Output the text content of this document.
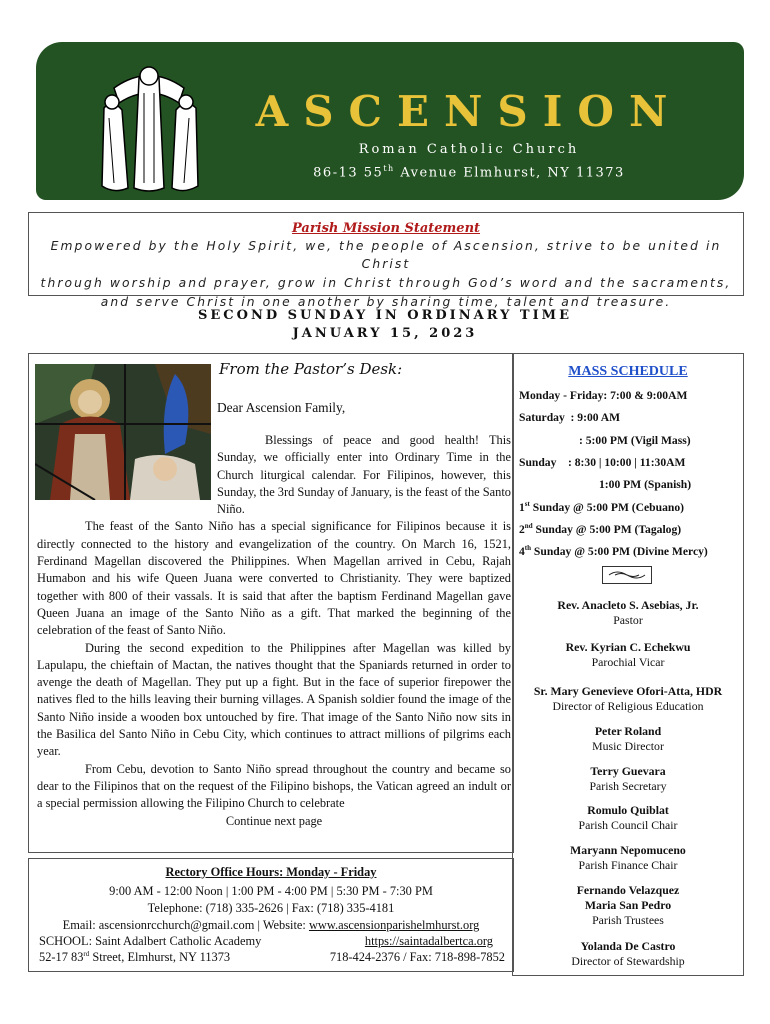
ASCENSION
Roman Catholic Church
86-13 55th Avenue Elmhurst, NY 11373
Parish Mission Statement
Empowered by the Holy Spirit, we, the people of Ascension, strive to be united in Christ
through worship and prayer, grow in Christ through God’s word and the sacraments,
and serve Christ in one another by sharing time, talent and treasure.
SECOND SUNDAY IN ORDINARY TIME
JANUARY 15, 2023
From the Pastor’s Desk:
Dear Ascension Family,

Blessings of peace and good health! This Sunday, we officially enter into Ordinary Time in the Church liturgical calendar. For Filipinos, however, this Sunday, the 3rd Sunday of January, is the feast of the Santo Niño.

The feast of the Santo Niño has a special significance for Filipinos because it is directly connected to the history and evangelization of the country. On March 16, 1521, Ferdinand Magellan discovered the Philippines. When Magellan arrived in Cebu, Rajah Humabon and his wife Queen Juana were converted to Christianity. They were baptized together with 800 of their vassals. It is said that after the baptism Ferdinand Magellan gave Queen Juana an image of the Santo Niño as a gift. That marked the beginning of the celebration of the feast of Santo Niño.

During the second expedition to the Philippines after Magellan was killed by Lapulapu, the chieftain of Mactan, the natives thought that the Spaniards returned in order to avenge the death of Magellan. They put up a fight. But in the face of superior firepower the natives fled to the hills leaving their burning villages. A Spanish soldier found the image of the Santo Niño inside a wooden box untouched by fire. That image of the Santo Niño now sits in the Basilica del Santo Niño in Cebu City, which continues to attract millions of pilgrims each year.

From Cebu, devotion to Santo Niño spread throughout the country and became so dear to the Filipinos that on the request of the Filipino bishops, the Vatican agreed an indult or a special permission allowing the Filipino Church to celebrate

Continue next page

Rectory Office Hours: Monday - Friday
9:00 AM - 12:00 Noon | 1:00 PM - 4:00 PM | 5:30 PM - 7:30 PM
Telephone: (718) 335-2626 | Fax: (718) 335-4181
Email: ascensionrcchurch@gmail.com | Website: www.ascensionparishelmhurst.org
SCHOOL: Saint Adalbert Catholic Academy	https://saintadalbertca.org
52-17 83rd Street, Elmhurst, NY 11373	718-424-2376 / Fax: 718-898-7852
MASS SCHEDULE
Monday - Friday: 7:00 & 9:00AM
Saturday  : 9:00 AM
: 5:00 PM (Vigil Mass)
Sunday    : 8:30 | 10:00 | 11:30AM
1:00 PM (Spanish)
1st Sunday @ 5:00 PM (Cebuano)
2nd Sunday @ 5:00 PM (Tagalog)
4th Sunday @ 5:00 PM (Divine Mercy)
Rev. Anacleto S. Asebias, Jr.
Pastor
Rev. Kyrian C. Echekwu
Parochial Vicar
Sr. Mary Genevieve Ofori-Atta, HDR
Director of Religious Education
Peter Roland
Music Director
Terry Guevara
Parish Secretary
Romulo Quiblat
Parish Council Chair
Maryann Nepomuceno
Parish Finance Chair
Fernando Velazquez
Maria San Pedro
Parish Trustees
Yolanda De Castro
Director of Stewardship
